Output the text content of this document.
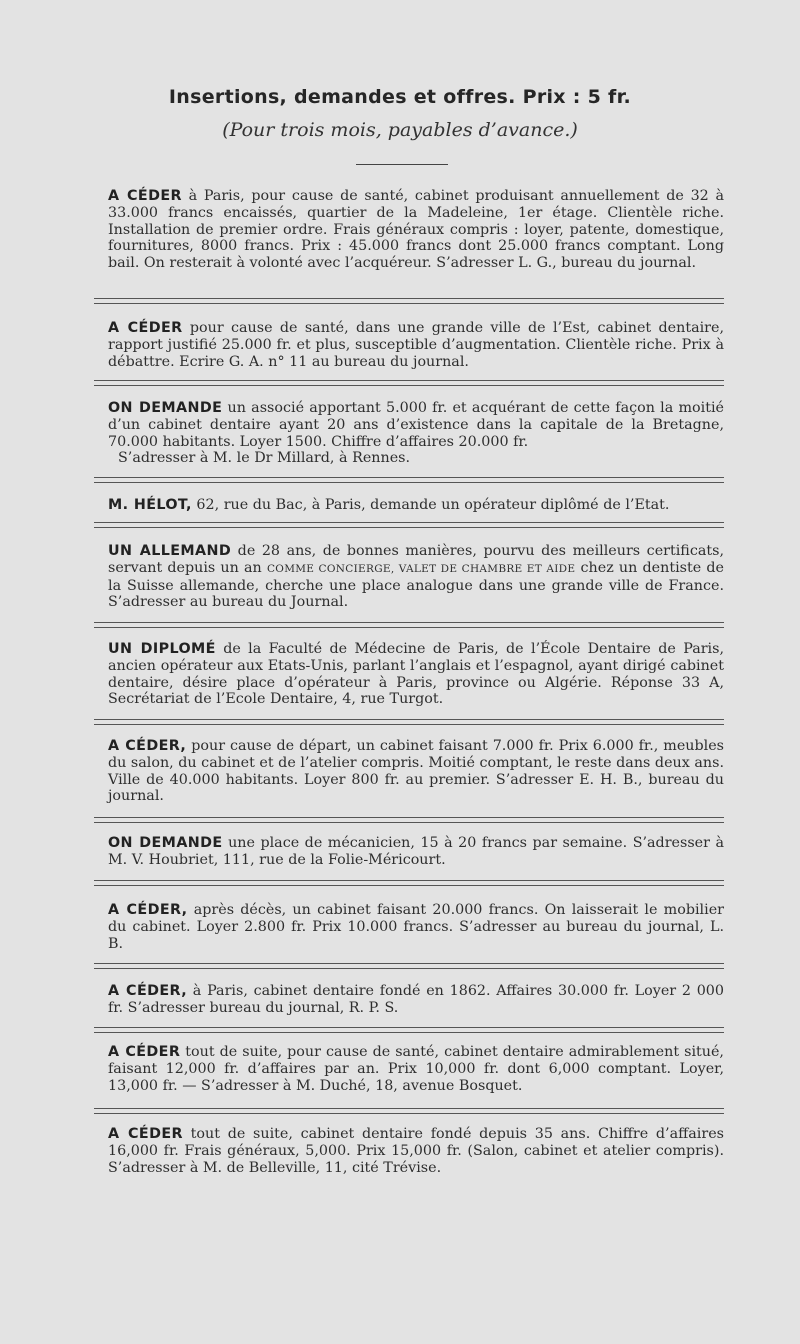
Insertions, demandes et offres. Prix : 5 fr.
(Pour trois mois, payables d’avance.)
A CÉDER à Paris, pour cause de santé, cabinet produisant annuellement de 32 à 33.000 francs encaissés, quartier de la Madeleine, 1er étage. Clientèle riche. Installation de premier ordre. Frais généraux compris : loyer, patente, domestique, fournitures, 8000 francs. Prix : 45.000 francs dont 25.000 francs comptant. Long bail. On resterait à volonté avec l’acquéreur. S’adresser L. G., bureau du journal.
A CÉDER pour cause de santé, dans une grande ville de l’Est, cabinet dentaire, rapport justifié 25.000 fr. et plus, susceptible d’augmentation. Clientèle riche. Prix à débattre. Ecrire G. A. n° 11 au bureau du journal.
ON DEMANDE un associé apportant 5.000 fr. et acquérant de cette façon la moitié d’un cabinet dentaire ayant 20 ans d’existence dans la capitale de la Bretagne, 70.000 habitants. Loyer 1500. Chiffre d’affaires 20.000 fr.
S’adresser à M. le Dr Millard, à Rennes.
M. HÉLOT, 62, rue du Bac, à Paris, demande un opérateur diplômé de l’Etat.
UN ALLEMAND de 28 ans, de bonnes manières, pourvu des meilleurs certificats, servant depuis un an COMME CONCIERGE, VALET DE CHAMBRE ET AIDE chez un dentiste de la Suisse allemande, cherche une place analogue dans une grande ville de France. S’adresser au bureau du Journal.
UN DIPLOMÉ de la Faculté de Médecine de Paris, de l’École Dentaire de Paris, ancien opérateur aux Etats-Unis, parlant l’anglais et l’espagnol, ayant dirigé cabinet dentaire, désire place d’opérateur à Paris, province ou Algérie. Réponse 33 A, Secrétariat de l’Ecole Dentaire, 4, rue Turgot.
A CÉDER, pour cause de départ, un cabinet faisant 7.000 fr. Prix 6.000 fr., meubles du salon, du cabinet et de l’atelier compris. Moitié comptant, le reste dans deux ans. Ville de 40.000 habitants. Loyer 800 fr. au premier. S’adresser E. H. B., bureau du journal.
ON DEMANDE une place de mécanicien, 15 à 20 francs par semaine. S’adresser à M. V. Houbriet, 111, rue de la Folie-Méricourt.
A CÉDER, après décès, un cabinet faisant 20.000 francs. On laisserait le mobilier du cabinet. Loyer 2.800 fr. Prix 10.000 francs. S’adresser au bureau du journal, L. B.
A CÉDER, à Paris, cabinet dentaire fondé en 1862. Affaires 30.000 fr. Loyer 2 000 fr. S’adresser bureau du journal, R. P. S.
A CÉDER tout de suite, pour cause de santé, cabinet dentaire admirablement situé, faisant 12,000 fr. d’affaires par an. Prix 10,000 fr. dont 6,000 comptant. Loyer, 13,000 fr. — S’adresser à M. Duché, 18, avenue Bosquet.
A CÉDER tout de suite, cabinet dentaire fondé depuis 35 ans. Chiffre d’affaires 16,000 fr. Frais généraux, 5,000. Prix 15,000 fr. (Salon, cabinet et atelier compris). S’adresser à M. de Belleville, 11, cité Trévise.
